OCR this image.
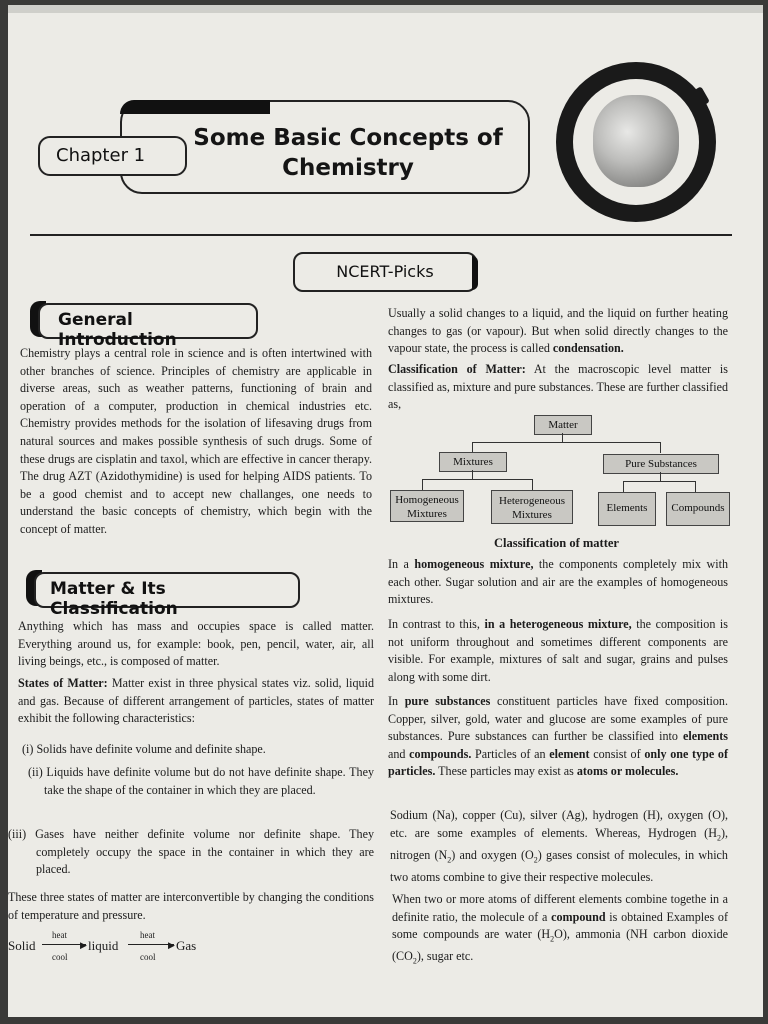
Chapter 1
Some Basic Concepts of
Chemistry
NCERT-Picks
General Introduction
Chemistry plays a central role in science and is often intertwined with other branches of science. Principles of chemistry are applicable in diverse areas, such as weather patterns, functioning of brain and operation of a computer, production in chemical industries etc. Chemistry provides methods for the isolation of lifesaving drugs from natural sources and makes possible synthesis of such drugs. Some of these drugs are cisplatin and taxol, which are effective in cancer therapy. The drug AZT (Azidothymidine) is used for helping AIDS patients. To be a good chemist and to accept new challanges, one needs to understand the basic concepts of chemistry, which begin with the concept of matter.
Matter & Its Classification
Anything which has mass and occupies space is called matter. Everything around us, for example: book, pen, pencil, water, air, all living beings, etc., is composed of matter.
States of Matter: Matter exist in three physical states viz. solid, liquid and gas. Because of different arrangement of particles, states of matter exhibit the following characteristics:
(i) Solids have definite volume and definite shape.
(ii) Liquids have definite volume but do not have definite shape. They take the shape of the container in which they are placed.
(iii) Gases have neither definite volume nor definite shape. They completely occupy the space in the container in which they are placed.
These three states of matter are interconvertible by changing the conditions of temperature and pressure.
Solid
heat
▶
cool
liquid
heat
▶
cool
Gas
Usually a solid changes to a liquid, and the liquid on further heating changes to gas (or vapour). But when solid directly changes to the vapour state, the process is called condensation.
Classification of Matter: At the macroscopic level matter is classified as, mixture and pure substances. These are further classified as,
Matter
Mixtures	Pure Substances
Homogeneous
Mixtures
Heterogeneous
Mixtures
Elements	Compounds
Classification of matter
In a homogeneous mixture, the components completely mix with each other. Sugar solution and air are the examples of homogeneous mixtures.
In contrast to this, in a heterogeneous mixture, the composition is not uniform throughout and sometimes different components are visible. For example, mixtures of salt and sugar, grains and pulses along with some dirt.
In pure substances constituent particles have fixed composition. Copper, silver, gold, water and glucose are some examples of pure substances. Pure substances can further be classified into elements and compounds. Particles of an element consist of only one type of particles. These particles may exist as atoms or molecules.
Sodium (Na), copper (Cu), silver (Ag), hydrogen (H), oxygen (O), etc. are some examples of elements. Whereas, Hydrogen $(H_2)$, nitrogen $(N_2)$ and oxygen $(O_2)$ gases consist of molecules, in which two atoms combine to give their respective molecules.
When two or more atoms of different elements combine togethe in a definite ratio, the molecule of a compound is obtained Examples of some compounds are water $(H_2O)$, ammonia (NH carbon dioxide $(CO_2)$, sugar etc.
